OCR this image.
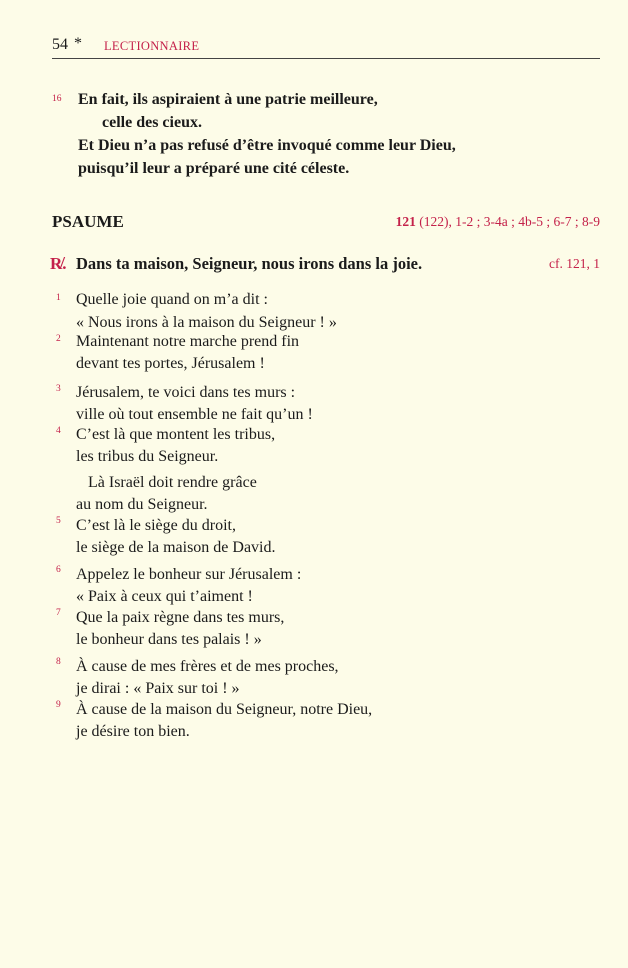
54 * LECTIONNAIRE
16 En fait, ils aspiraient à une patrie meilleure,
celle des cieux.
Et Dieu n’a pas refusé d’être invoqué comme leur Dieu,
puisqu’il leur a préparé une cité céleste.
PSAUME	121 (122), 1-2 ; 3-4a ; 4b-5 ; 6-7 ; 8-9
R̸. Dans ta maison, Seigneur, nous irons dans la joie.	cf. 121, 1
1 Quelle joie quand on m’a dit :
« Nous irons à la maison du Seigneur ! »
2 Maintenant notre marche prend fin
devant tes portes, Jérusalem !
3 Jérusalem, te voici dans tes murs :
ville où tout ensemble ne fait qu’un !
4 C’est là que montent les tribus,
les tribus du Seigneur.
Là Israël doit rendre grâce
au nom du Seigneur.
5 C’est là le siège du droit,
le siège de la maison de David.
6 Appelez le bonheur sur Jérusalem :
« Paix à ceux qui t’aiment !
7 Que la paix règne dans tes murs,
le bonheur dans tes palais ! »
8 À cause de mes frères et de mes proches,
je dirai : « Paix sur toi ! »
9 À cause de la maison du Seigneur, notre Dieu,
je désire ton bien.
